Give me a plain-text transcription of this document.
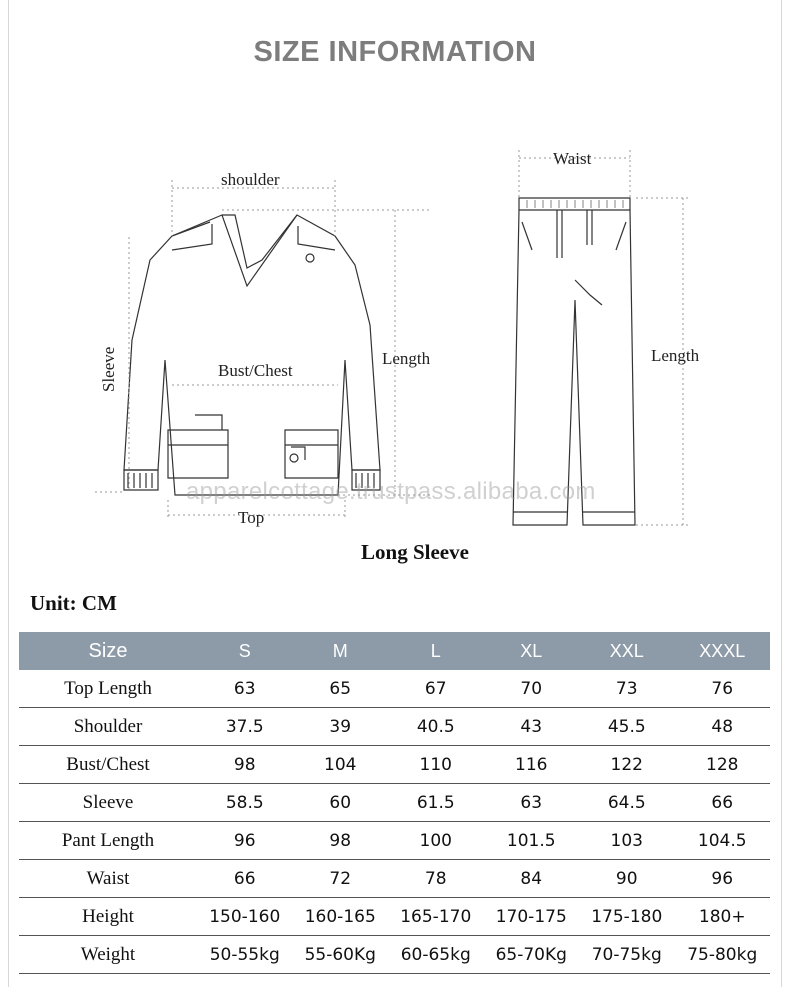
SIZE INFORMATION
shoulder
Sleeve	Bust/Chest
Length
Top
Waist
Length
apparelcottage.trustpass.alibaba.com
Long Sleeve
Unit: CM
Size	S	M	L	XL	XXL	XXXL
Top Length	63	65	67	70	73	76
Shoulder	37.5	39	40.5	43	45.5	48
Bust/Chest	98	104	110	116	122	128
Sleeve	58.5	60	61.5	63	64.5	66
Pant Length	96	98	100	101.5	103	104.5
Waist	66	72	78	84	90	96
Height	150-160	160-165	165-170	170-175	175-180	180+
Weight	50-55kg	55-60Kg	60-65kg	65-70Kg	70-75kg	75-80kg
